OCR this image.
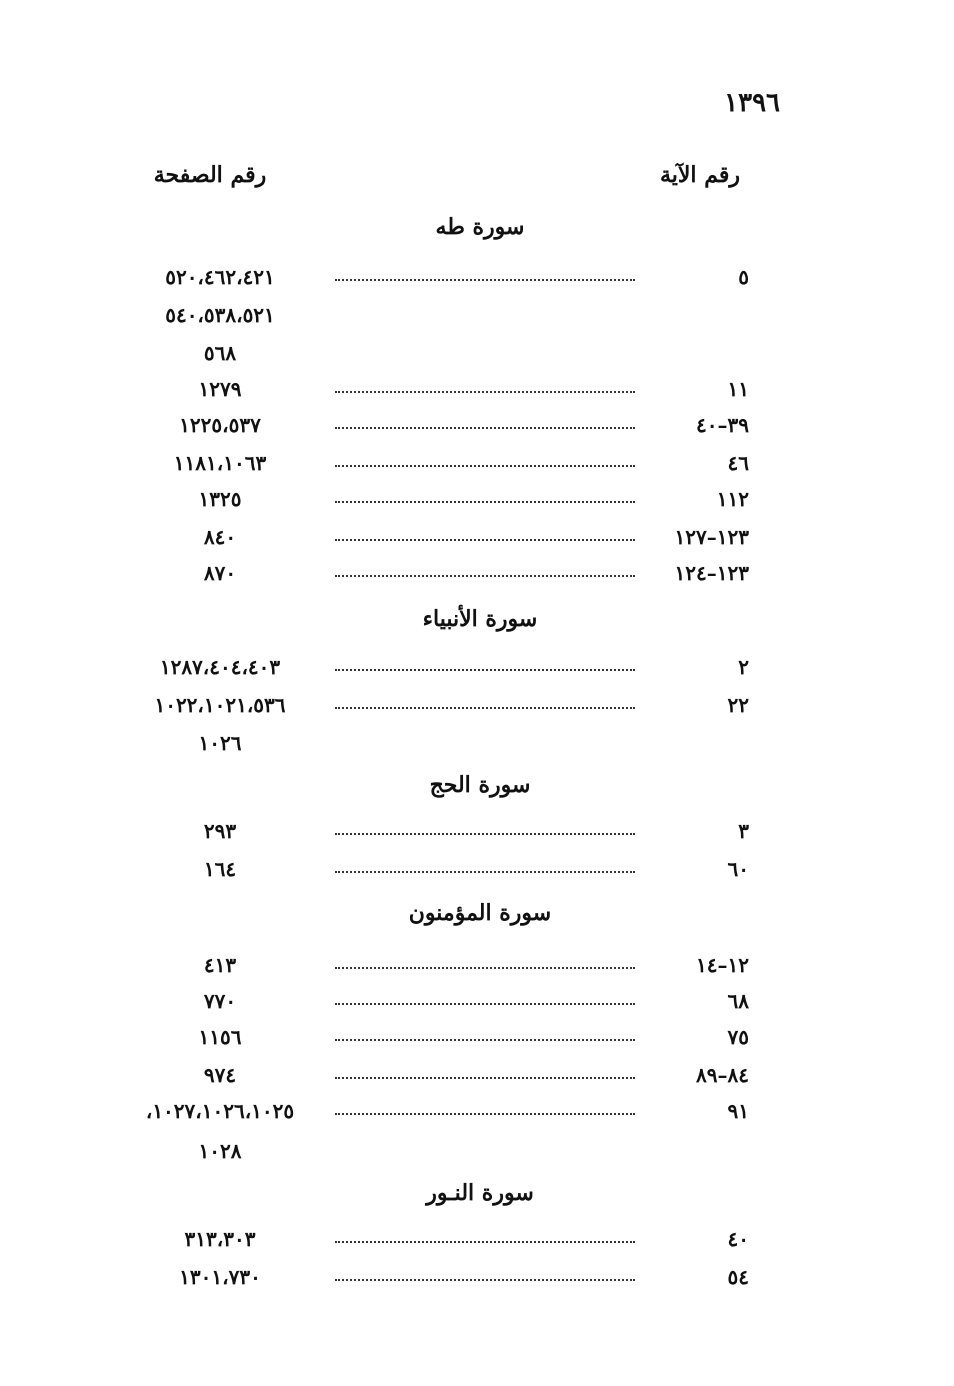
١٣٩٦
رقم الآية
رقم الصفحة
سورة طه
٥
٥٢٠،٤٦٢،٤٢١
٥٤٠،٥٣٨،٥٢١
٥٦٨
١١
١٢٧٩
٣٩–٤٠
١٢٢٥،٥٣٧
٤٦
١١٨١،١٠٦٣
١١٢
١٣٢٥
١٢٣–١٢٧
٨٤٠
١٢٣–١٢٤
٨٧٠
سورة الأنبياء
٢
١٢٨٧،٤٠٤،٤٠٣
٢٢
١٠٢٢،١٠٢١،٥٣٦
١٠٢٦
سورة الحج
٣
٢٩٣
٦٠
١٦٤
سورة المؤمنون
١٢–١٤
٤١٣
٦٨
٧٧٠
٧٥
١١٥٦
٨٤–٨٩
٩٧٤
٩١
١٠٢٧،١٠٢٦،١٠٢٥،
١٠٢٨
سورة النـور
٤٠
٣١٣،٣٠٣
٥٤
١٣٠١،٧٣٠
